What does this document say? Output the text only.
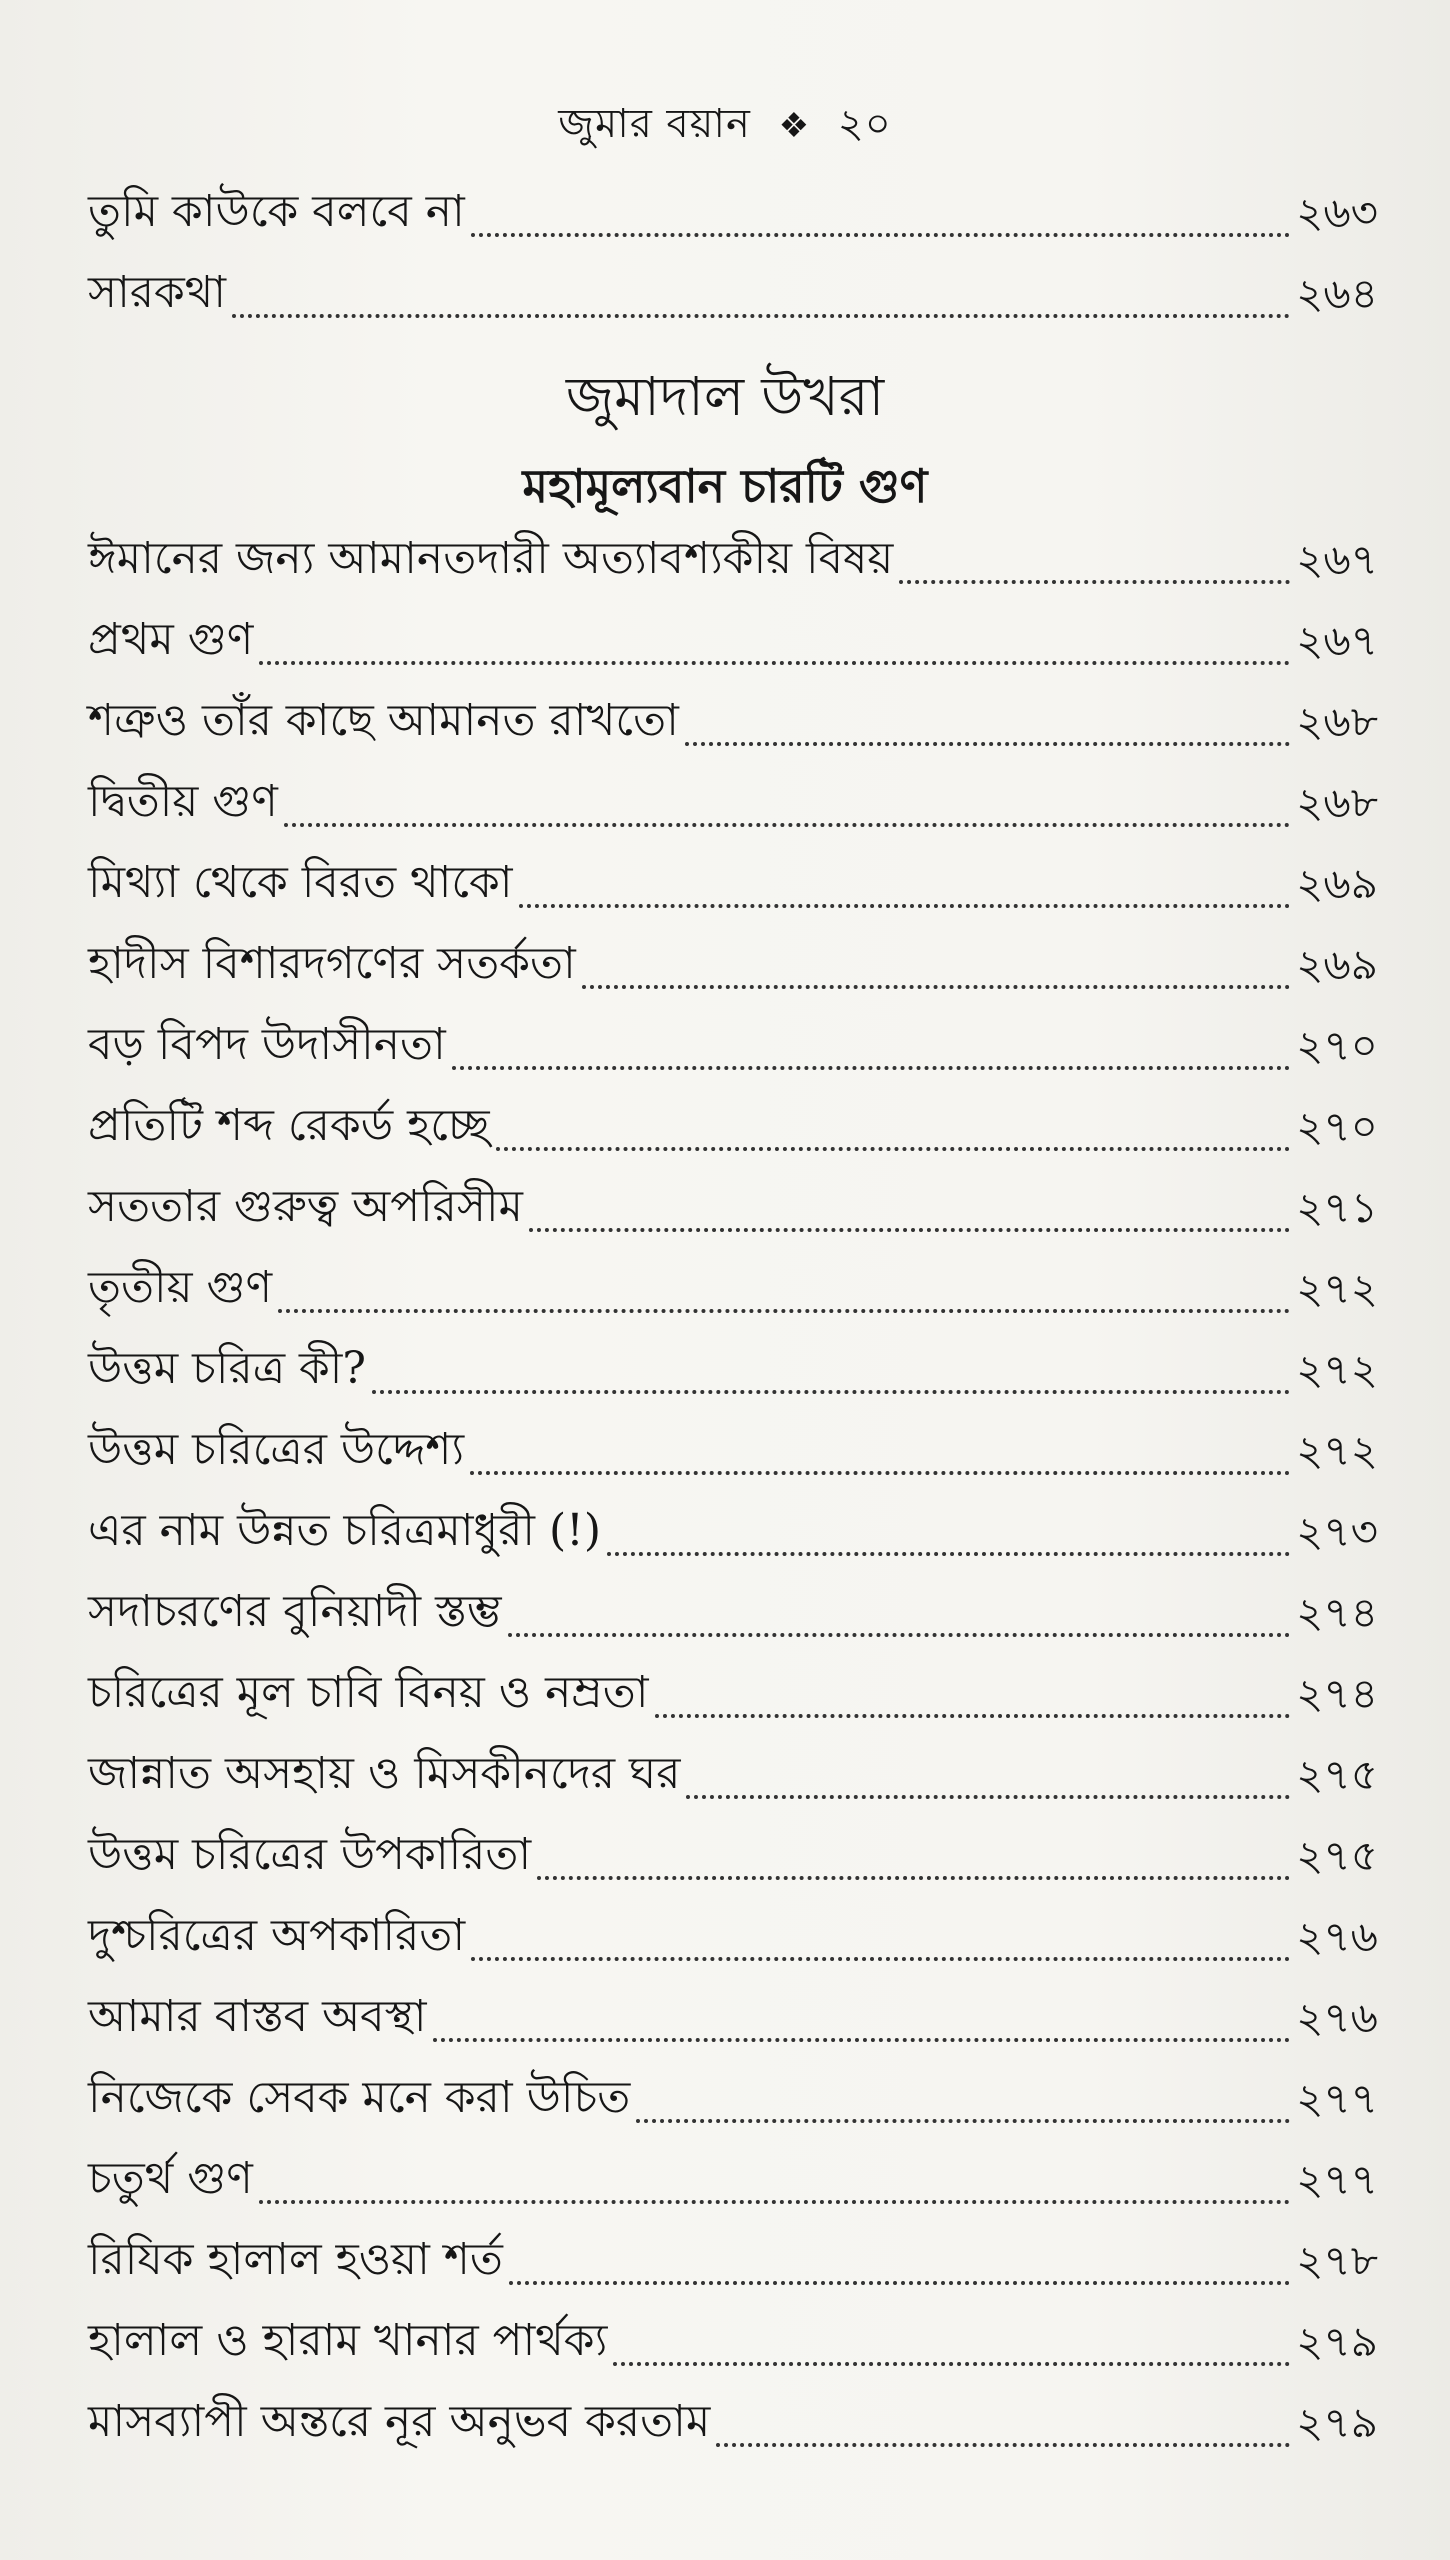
জুমার বয়ান ❖ ২০
তুমি কাউকে বলবে না	২৬৩
সারকথা	২৬৪
জুমাদাল উখরা
মহামূল্যবান চারটি গুণ
ঈমানের জন্য আমানতদারী অত্যাবশ্যকীয় বিষয়	২৬৭
প্রথম গুণ	২৬৭
শত্রুও তাঁর কাছে আমানত রাখতো	২৬৮
দ্বিতীয় গুণ	২৬৮
মিথ্যা থেকে বিরত থাকো	২৬৯
হাদীস বিশারদগণের সতর্কতা	২৬৯
বড় বিপদ উদাসীনতা	২৭০
প্রতিটি শব্দ রেকর্ড হচ্ছে	২৭০
সততার গুরুত্ব অপরিসীম	২৭১
তৃতীয় গুণ	২৭২
উত্তম চরিত্র কী?	২৭২
উত্তম চরিত্রের উদ্দেশ্য	২৭২
এর নাম উন্নত চরিত্রমাধুরী (!)	২৭৩
সদাচরণের বুনিয়াদী স্তম্ভ	২৭৪
চরিত্রের মূল চাবি বিনয় ও নম্রতা	২৭৪
জান্নাত অসহায় ও মিসকীনদের ঘর	২৭৫
উত্তম চরিত্রের উপকারিতা	২৭৫
দুশ্চরিত্রের অপকারিতা	২৭৬
আমার বাস্তব অবস্থা	২৭৬
নিজেকে সেবক মনে করা উচিত	২৭৭
চতুর্থ গুণ	২৭৭
রিযিক হালাল হওয়া শর্ত	২৭৮
হালাল ও হারাম খানার পার্থক্য	২৭৯
মাসব্যাপী অন্তরে নূর অনুভব করতাম	২৭৯
